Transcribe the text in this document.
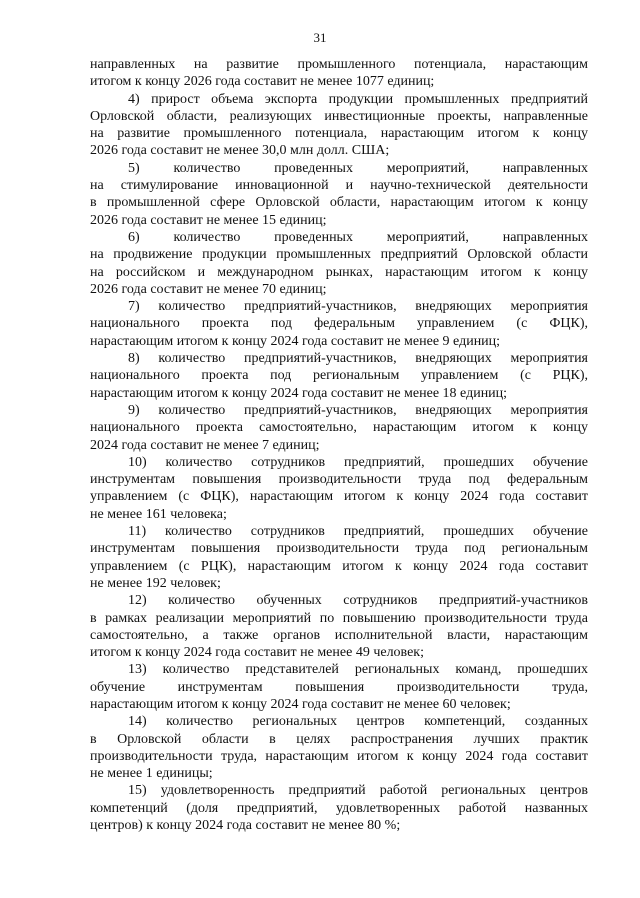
31
направленных на развитие промышленного потенциала, нарастающим
итогом к концу 2026 года составит не менее 1077 единиц;
4) прирост объема экспорта продукции промышленных предприятий
Орловской области, реализующих инвестиционные проекты, направленные
на развитие промышленного потенциала, нарастающим итогом к концу
2026 года составит не менее 30,0 млн долл. США;
5) количество проведенных мероприятий, направленных
на стимулирование инновационной и научно-технической деятельности
в промышленной сфере Орловской области, нарастающим итогом к концу
2026 года составит не менее 15 единиц;
6) количество проведенных мероприятий, направленных
на продвижение продукции промышленных предприятий Орловской области
на российском и международном рынках, нарастающим итогом к концу
2026 года составит не менее 70 единиц;
7) количество предприятий-участников, внедряющих мероприятия
национального проекта под федеральным управлением (с ФЦК),
нарастающим итогом к концу 2024 года составит не менее 9 единиц;
8) количество предприятий-участников, внедряющих мероприятия
национального проекта под региональным управлением (с РЦК),
нарастающим итогом к концу 2024 года составит не менее 18 единиц;
9) количество предприятий-участников, внедряющих мероприятия
национального проекта самостоятельно, нарастающим итогом к концу
2024 года составит не менее 7 единиц;
10) количество сотрудников предприятий, прошедших обучение
инструментам повышения производительности труда под федеральным
управлением (с ФЦК), нарастающим итогом к концу 2024 года составит
не менее 161 человека;
11) количество сотрудников предприятий, прошедших обучение
инструментам повышения производительности труда под региональным
управлением (с РЦК), нарастающим итогом к концу 2024 года составит
не менее 192 человек;
12) количество обученных сотрудников предприятий-участников
в рамках реализации мероприятий по повышению производительности труда
самостоятельно, а также органов исполнительной власти, нарастающим
итогом к концу 2024 года составит не менее 49 человек;
13) количество представителей региональных команд, прошедших
обучение инструментам повышения производительности труда,
нарастающим итогом к концу 2024 года составит не менее 60 человек;
14) количество региональных центров компетенций, созданных
в Орловской области в целях распространения лучших практик
производительности труда, нарастающим итогом к концу 2024 года составит
не менее 1 единицы;
15) удовлетворенность предприятий работой региональных центров
компетенций (доля предприятий, удовлетворенных работой названных
центров) к концу 2024 года составит не менее 80 %;
